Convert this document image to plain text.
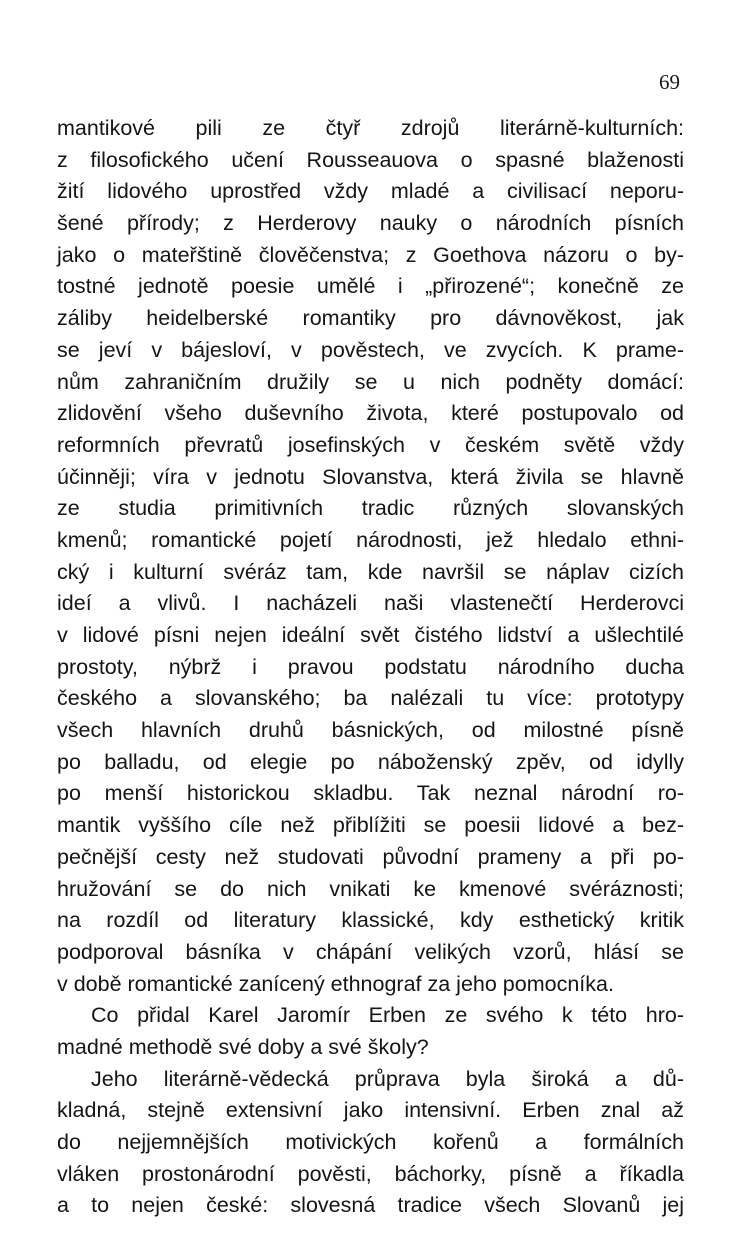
69
mantikové pili ze čtyř zdrojů literárně-kulturních:
z filosofického učení Rousseauova o spasné blaženosti
žití lidového uprostřed vždy mladé a civilisací neporu-
šené přírody; z Herderovy nauky o národních písních
jako o mateřštině člověčenstva; z Goethova názoru o by-
tostné jednotě poesie umělé i „přirozené“; konečně ze
záliby heidelberské romantiky pro dávnověkost, jak
se jeví v bájesloví, v pověstech, ve zvycích. K prame-
nům zahraničním družily se u nich podněty domácí:
zlidovění všeho duševního života, které postupovalo od
reformních převratů josefinských v českém světě vždy
účinněji; víra v jednotu Slovanstva, která živila se hlavně
ze studia primitivních tradic různých slovanských
kmenů; romantické pojetí národnosti, jež hledalo ethni-
cký i kulturní svéráz tam, kde navršil se náplav cizích
ideí a vlivů. I nacházeli naši vlastenečtí Herderovci
v lidové písni nejen ideální svět čistého lidství a ušlechtilé
prostoty, nýbrž i pravou podstatu národního ducha
českého a slovanského; ba nalézali tu více: prototypy
všech hlavních druhů básnických, od milostné písně
po balladu, od elegie po náboženský zpěv, od idylly
po menší historickou skladbu. Tak neznal národní ro-
mantik vyššího cíle než přiblížiti se poesii lidové a bez-
pečnější cesty než studovati původní prameny a při po-
hružování se do nich vnikati ke kmenové svéráznosti;
na rozdíl od literatury klassické, kdy esthetický kritik
podporoval básníka v chápání velikých vzorů, hlásí se
v době romantické zanícený ethnograf za jeho pomocníka.
Co přidal Karel Jaromír Erben ze svého k této hro-
madné methodě své doby a své školy?
Jeho literárně-vědecká průprava byla široká a dů-
kladná, stejně extensivní jako intensivní. Erben znal až
do nejjemnějších motivických kořenů a formálních
vláken prostonárodní pověsti, báchorky, písně a říkadla
a to nejen české: slovesná tradice všech Slovanů jej
